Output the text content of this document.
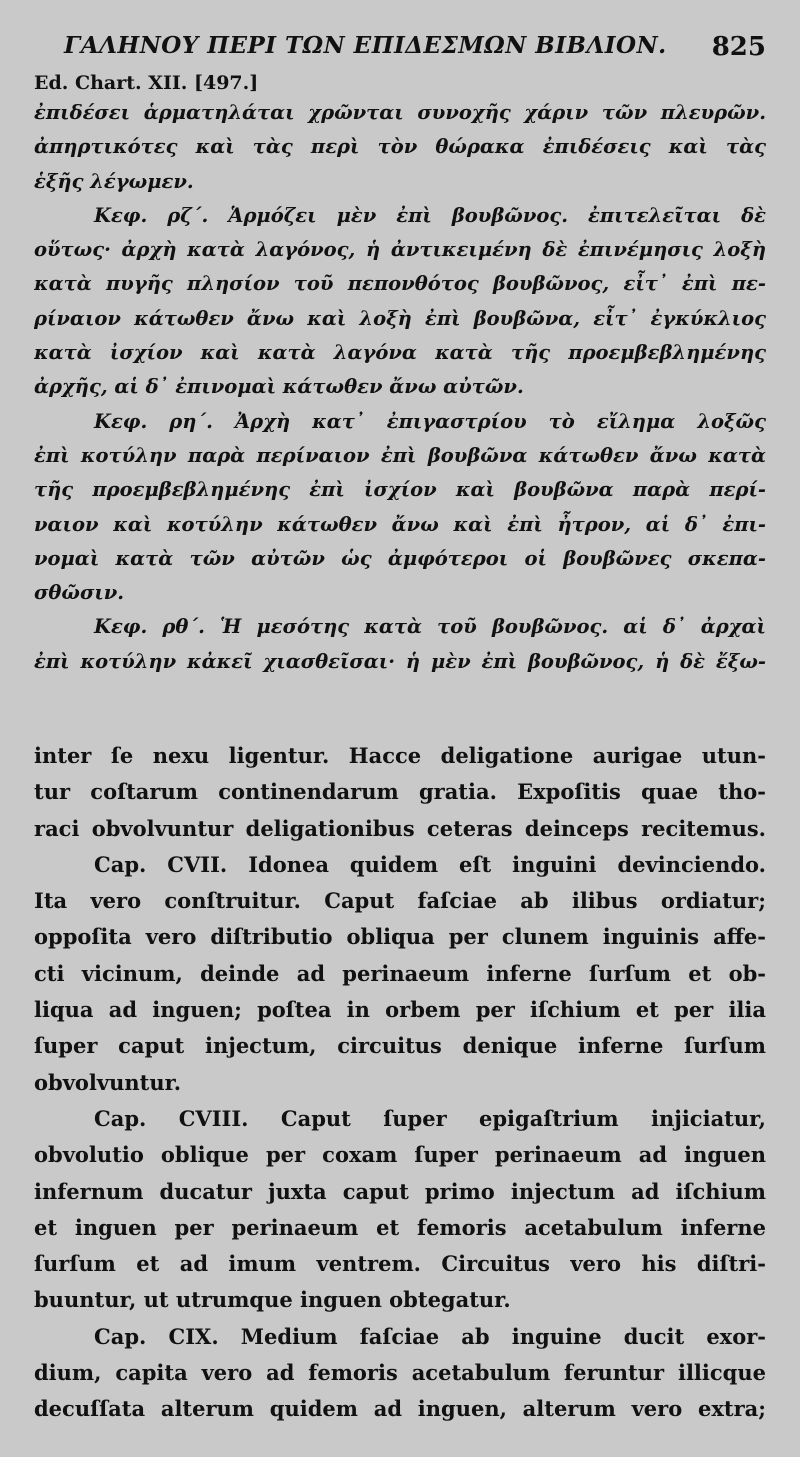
ΓΑΛΗΝΟΥ ΠΕΡΙ ΤΩΝ ΕΠΙΔΕΣΜΩΝ ΒΙΒΛΙΟΝ. 825
Ed. Chart. XII. [497.]
ἐπιδέσει ἁρματηλάται χρῶνται συνοχῆς χάριν τῶν πλευρῶν.
ἀπηρτικότες καὶ τὰς περὶ τὸν θώρακα ἐπιδέσεις καὶ τὰς
ἑξῆς λέγωμεν.
Κεφ. ρζ΄. Ἁρμόζει μὲν ἐπὶ βουβῶνος. ἐπιτελεῖται δὲ
οὕτως· ἀρχὴ κατὰ λαγόνος, ἡ ἀντικειμένη δὲ ἐπινέμησις λοξὴ
κατὰ πυγῆς πλησίον τοῦ πεπονθότος βουβῶνος, εἶτ᾽ ἐπὶ πε-
ρίναιον κάτωθεν ἄνω καὶ λοξὴ ἐπὶ βουβῶνα, εἶτ᾽ ἐγκύκλιος
κατὰ ἰσχίον καὶ κατὰ λαγόνα κατὰ τῆς προεμβεβλημένης
ἀρχῆς, αἱ δ᾽ ἐπινομαὶ κάτωθεν ἄνω αὐτῶν.
Κεφ. ρη΄. Ἀρχὴ κατ᾽ ἐπιγαστρίου τὸ εἴλημα λοξῶς
ἐπὶ κοτύλην παρὰ περίναιον ἐπὶ βουβῶνα κάτωθεν ἄνω κατὰ
τῆς προεμβεβλημένης ἐπὶ ἰσχίον καὶ βουβῶνα παρὰ περί-
ναιον καὶ κοτύλην κάτωθεν ἄνω καὶ ἐπὶ ἦτρον, αἱ δ᾽ ἐπι-
νομαὶ κατὰ τῶν αὐτῶν ὡς ἀμφότεροι οἱ βουβῶνες σκεπα-
σθῶσιν.
Κεφ. ρθ΄. Ἡ μεσότης κατὰ τοῦ βουβῶνος. αἱ δ᾽ ἀρχαὶ
ἐπὶ κοτύλην κἀκεῖ χιασθεῖσαι· ἡ μὲν ἐπὶ βουβῶνος, ἡ δὲ ἔξω-
inter ſe nexu ligentur. Hacce deligatione aurigae utun-
tur coſtarum continendarum gratia. Expoſitis quae tho-
raci obvolvuntur deligationibus ceteras deinceps recitemus.
Cap. CVII. Idonea quidem eſt inguini devinciendo.
Ita vero conſtruitur. Caput faſciae ab ilibus ordiatur;
oppoſita vero diſtributio obliqua per clunem inguinis affe-
cti vicinum, deinde ad perinaeum inferne ſurſum et ob-
liqua ad inguen; poſtea in orbem per iſchium et per ilia
ſuper caput injectum, circuitus denique inferne ſurſum
obvolvuntur.
Cap. CVIII. Caput ſuper epigaſtrium injiciatur,
obvolutio oblique per coxam ſuper perinaeum ad inguen
infernum ducatur juxta caput primo injectum ad iſchium
et inguen per perinaeum et femoris acetabulum inferne
ſurſum et ad imum ventrem. Circuitus vero his diſtri-
buuntur, ut utrumque inguen obtegatur.
Cap. CIX. Medium faſciae ab inguine ducit exor-
dium, capita vero ad femoris acetabulum feruntur illicque
decuſſata alterum quidem ad inguen, alterum vero extra;
